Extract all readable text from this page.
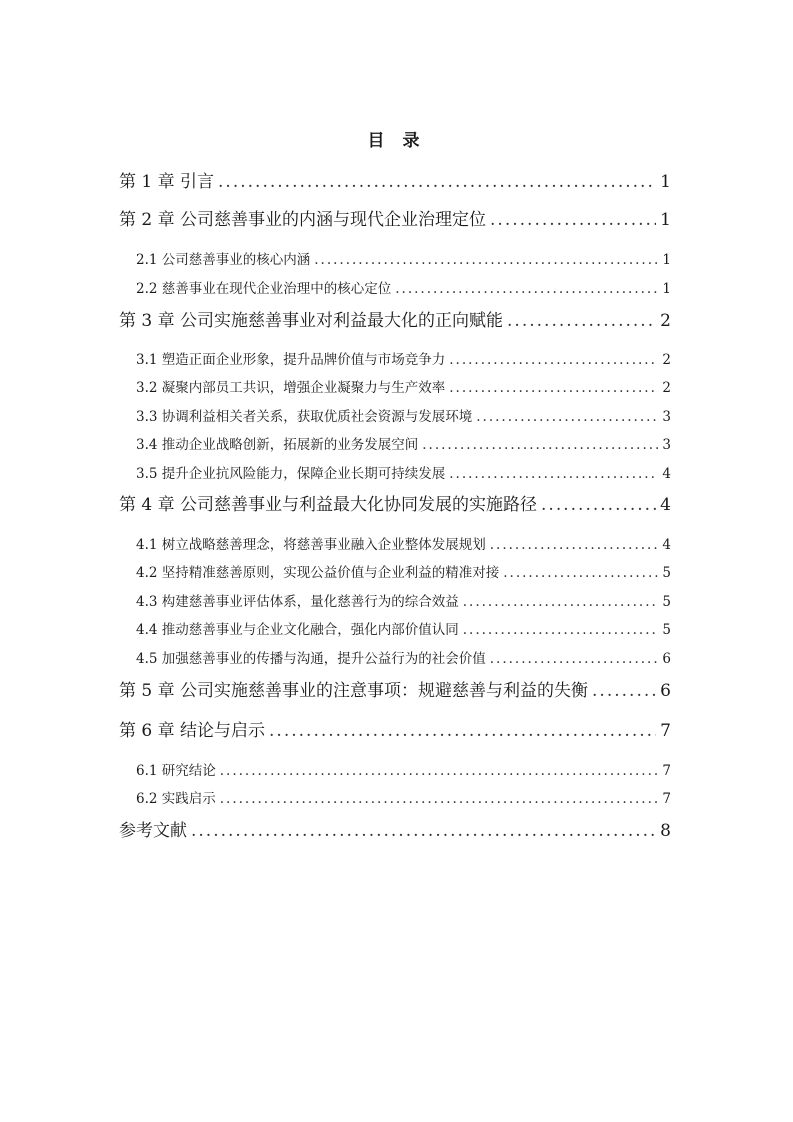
目 录
第 1 章 引言 .....	1
第 2 章 公司慈善事业的内涵与现代企业治理定位 .....	1
2.1 公司慈善事业的核心内涵 .....	1
2.2 慈善事业在现代企业治理中的核心定位 .....	1
第 3 章 公司实施慈善事业对利益最大化的正向赋能 .....	2
3.1 塑造正面企业形象，提升品牌价值与市场竞争力 .....	2
3.2 凝聚内部员工共识，增强企业凝聚力与生产效率 .....	2
3.3 协调利益相关者关系，获取优质社会资源与发展环境 .....	3
3.4 推动企业战略创新，拓展新的业务发展空间 .....	3
3.5 提升企业抗风险能力，保障企业长期可持续发展 .....	4
第 4 章 公司慈善事业与利益最大化协同发展的实施路径 .....	4
4.1 树立战略慈善理念，将慈善事业融入企业整体发展规划 .....	4
4.2 坚持精准慈善原则，实现公益价值与企业利益的精准对接 .....	5
4.3 构建慈善事业评估体系，量化慈善行为的综合效益 .....	5
4.4 推动慈善事业与企业文化融合，强化内部价值认同 .....	5
4.5 加强慈善事业的传播与沟通，提升公益行为的社会价值 .....	6
第 5 章 公司实施慈善事业的注意事项：规避慈善与利益的失衡 .....	6
第 6 章 结论与启示 .....	7
6.1 研究结论 .....	7
6.2 实践启示 .....	7
参考文献 .....	8
